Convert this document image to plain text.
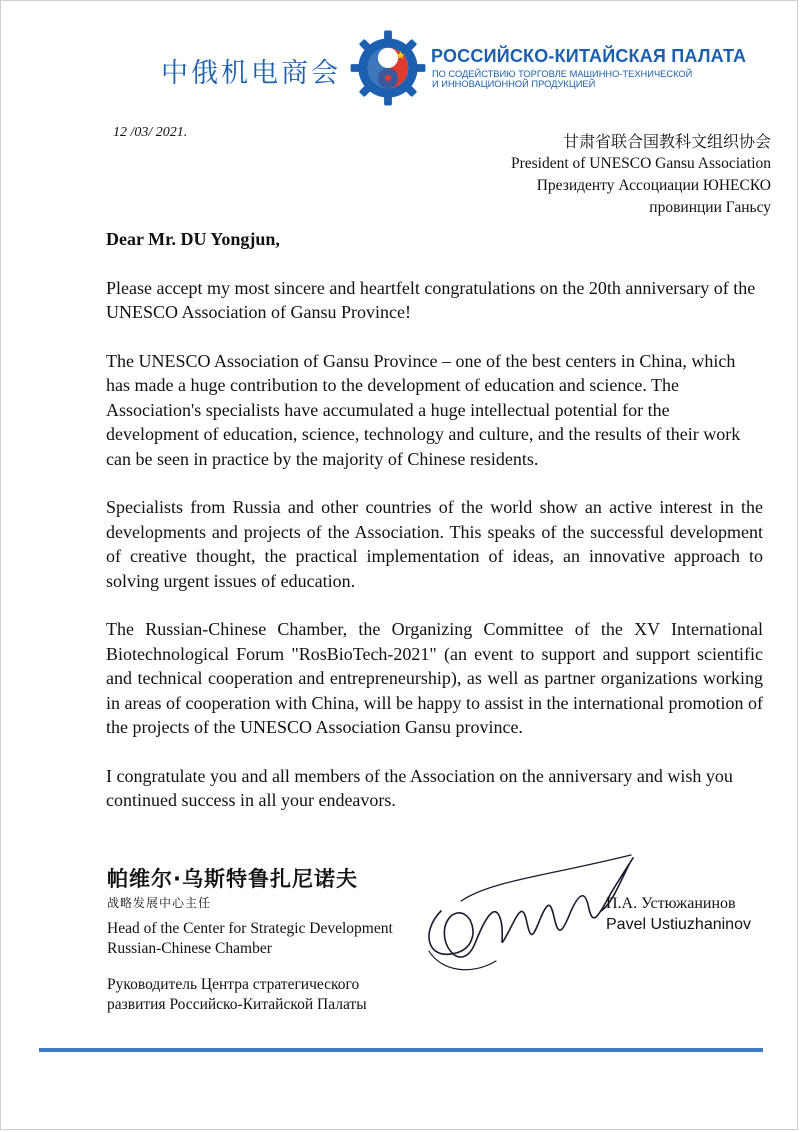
中俄机电商会
РОССИЙСКО-КИТАЙСКАЯ ПАЛАТА
ПО СОДЕЙСТВИЮ ТОРГОВЛЕ МАШИННО-ТЕХНИЧЕСКОЙ
И ИННОВАЦИОННОЙ ПРОДУКЦИЕЙ
12 /03/ 2021.	甘肃省联合国教科文组织协会
President of UNESCO Gansu Association
Президенту Ассоциации ЮНЕСКО
провинции Ганьсу

Dear Mr. DU Yongjun,

Please accept my most sincere and heartfelt congratulations on the 20th anniversary of the UNESCO Association of Gansu Province!

The UNESCO Association of Gansu Province – one of the best centers in China, which has made a huge contribution to the development of education and science. The Association's specialists have accumulated a huge intellectual potential for the development of education, science, technology and culture, and the results of their work can be seen in practice by the majority of Chinese residents.

Specialists from Russia and other countries of the world show an active interest in the developments and projects of the Association. This speaks of the successful development of creative thought, the practical implementation of ideas, an innovative approach to solving urgent issues of education.

The Russian-Chinese Chamber, the Organizing Committee of the XV International Biotechnological Forum "RosBioTech-2021" (an event to support and support scientific and technical cooperation and entrepreneurship), as well as partner organizations working in areas of cooperation with China, will be happy to assist in the international promotion of the projects of the UNESCO Association Gansu province.

I congratulate you and all members of the Association on the anniversary and wish you continued success in all your endeavors.

帕维尔·乌斯特鲁扎尼诺夫
战略发展中心主任
Head of the Center for Strategic Development
Russian-Chinese Chamber
Руководитель Центра стратегического
развития Российско-Китайской Палаты
П.А. Устюжанинов
Pavel Ustiuzhaninov
